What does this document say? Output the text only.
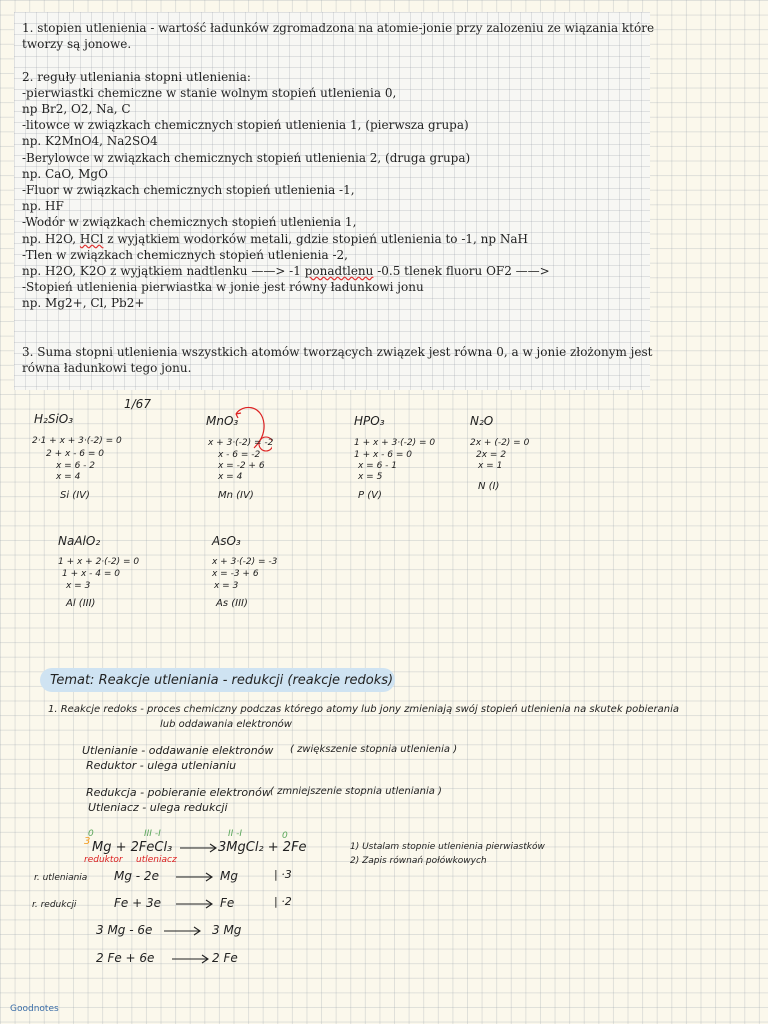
1. stopien utlenienia - wartość ładunków zgromadzona na atomie-jonie przy zalozeniu ze wiązania które
tworzy są jonowe.
2. reguły utleniania stopni utlenienia:
-pierwiastki chemiczne w stanie wolnym stopień utlenienia 0,
np Br2, O2, Na, C
-litowce w związkach chemicznych stopień utlenienia 1, (pierwsza grupa)
np. K2MnO4, Na2SO4
-Berylowce w związkach chemicznych stopień utlenienia 2, (druga grupa)
np. CaO, MgO
-Fluor w związkach chemicznych stopień utlenienia -1,
np. HF
-Wodór w związkach chemicznych stopień utlenienia 1,
np. H2O, HCl z wyjątkiem wodorków metali, gdzie stopień utlenienia to -1, np NaH
-Tlen w związkach chemicznych stopień utlenienia -2,
np. H2O, K2O z wyjątkiem nadtlenku ——> -1 ponadtlenu -0.5 tlenek fluoru OF2 ——>
-Stopień utlenienia pierwiastka w jonie jest równy ładunkowi jonu
np. Mg2+, Cl, Pb2+
3. Suma stopni utlenienia wszystkich atomów tworzących związek jest równa 0, a w jonie złożonym jest
równa ładunkowi tego jonu.
1/67
H₂SiO₃
2·1 + x + 3·(-2) = 0
2 + x - 6 = 0
x = 6 - 2
x = 4
Si (IV)
MnO₃
x + 3·(-2) = -2
x - 6 = -2
x = -2 + 6
x = 4
Mn (IV)
HPO₃
1 + x + 3·(-2) = 0
1 + x - 6 = 0
x = 6 - 1
x = 5
P (V)
N₂O
2x + (-2) = 0
2x = 2
x = 1
N (I)
NaAlO₂
1 + x + 2·(-2) = 0
1 + x - 4 = 0
x = 3
Al (III)
AsO₃
x + 3·(-2) = -3
x = -3 + 6
x = 3
As (III)
Temat: Reakcje utleniania - redukcji (reakcje redoks)
1. Reakcje redoks - proces chemiczny podczas którego atomy lub jony zmieniają swój stopień utlenienia na skutek pobierania
lub oddawania elektronów
Utlenianie - oddawanie elektronów ( zwiększenie stopnia utlenienia )
Reduktor - ulega utlenianiu
Redukcja - pobieranie elektronów ( zmniejszenie stopnia utleniania )
Utleniacz - ulega redukcji
3 Mg + 2FeCl₃ →
3MgCl₂ + 2Fe
0	III -I	II -I	0
reduktor utleniacz
1) Ustalam stopnie utlenienia pierwiastków
2) Zapis równań połówkowych
r. utleniania Mg - 2e → Mg	| ·3
r. redukcji	Fe + 3e → Fe	| ·2
3 Mg - 6e → 3 Mg
2 Fe + 6e → 2 Fe
Goodnotes
